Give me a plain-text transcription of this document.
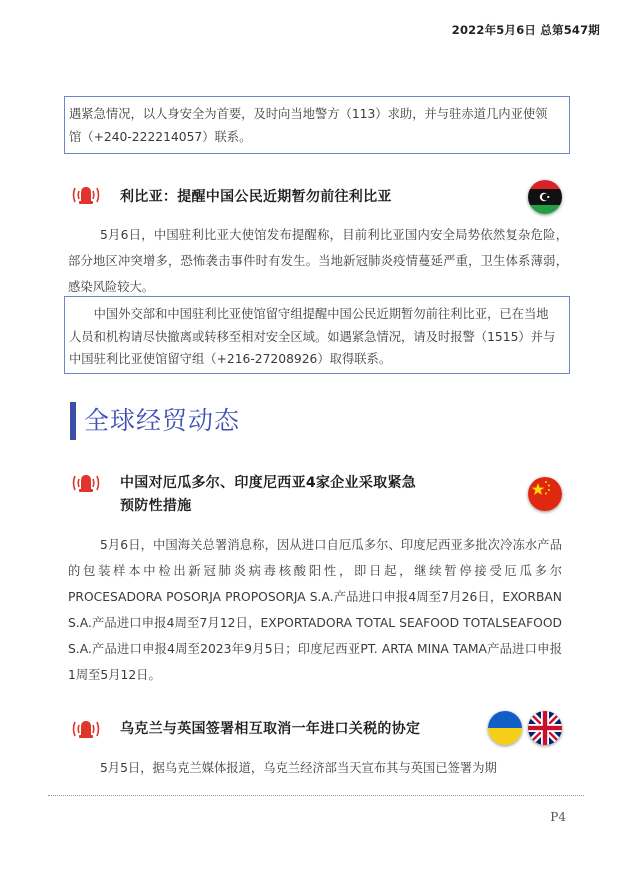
2022年5月6日 总第547期

遇紧急情况，以人身安全为首要，及时向当地警方（113）求助，并与驻赤道几内亚使领馆（+240-222214057）联系。

利比亚：提醒中国公民近期暂勿前往利比亚

5月6日，中国驻利比亚大使馆发布提醒称，目前利比亚国内安全局势依然复杂危险，部分地区冲突增多，恐怖袭击事件时有发生。当地新冠肺炎疫情蔓延严重，卫生体系薄弱，感染风险较大。

中国外交部和中国驻利比亚使馆留守组提醒中国公民近期暂勿前往利比亚，已在当地人员和机构请尽快撤离或转移至相对安全区域。如遇紧急情况，请及时报警（1515）并与中国驻利比亚使馆留守组（+216-27208926）取得联系。

全球经贸动态
中国对厄瓜多尔、印度尼西亚4家企业采取紧急
预防性措施

5月6日，中国海关总署消息称，因从进口自厄瓜多尔、印度尼西亚多批次冷冻水产品的包装样本中检出新冠肺炎病毒核酸阳性，即日起，继续暂停接受厄瓜多尔PROCESADORA POSORJA PROPOSORJA S.A.产品进口申报4周至7月26日，EXORBAN S.A.产品进口申报4周至7月12日，EXPORTADORA TOTAL SEAFOOD TOTALSEAFOOD S.A.产品进口申报4周至2023年9月5日；印度尼西亚PT. ARTA MINA TAMA产品进口申报1周至5月12日。

乌克兰与英国签署相互取消一年进口关税的协定

5月5日，据乌克兰媒体报道，乌克兰经济部当天宣布其与英国已签署为期

P4
